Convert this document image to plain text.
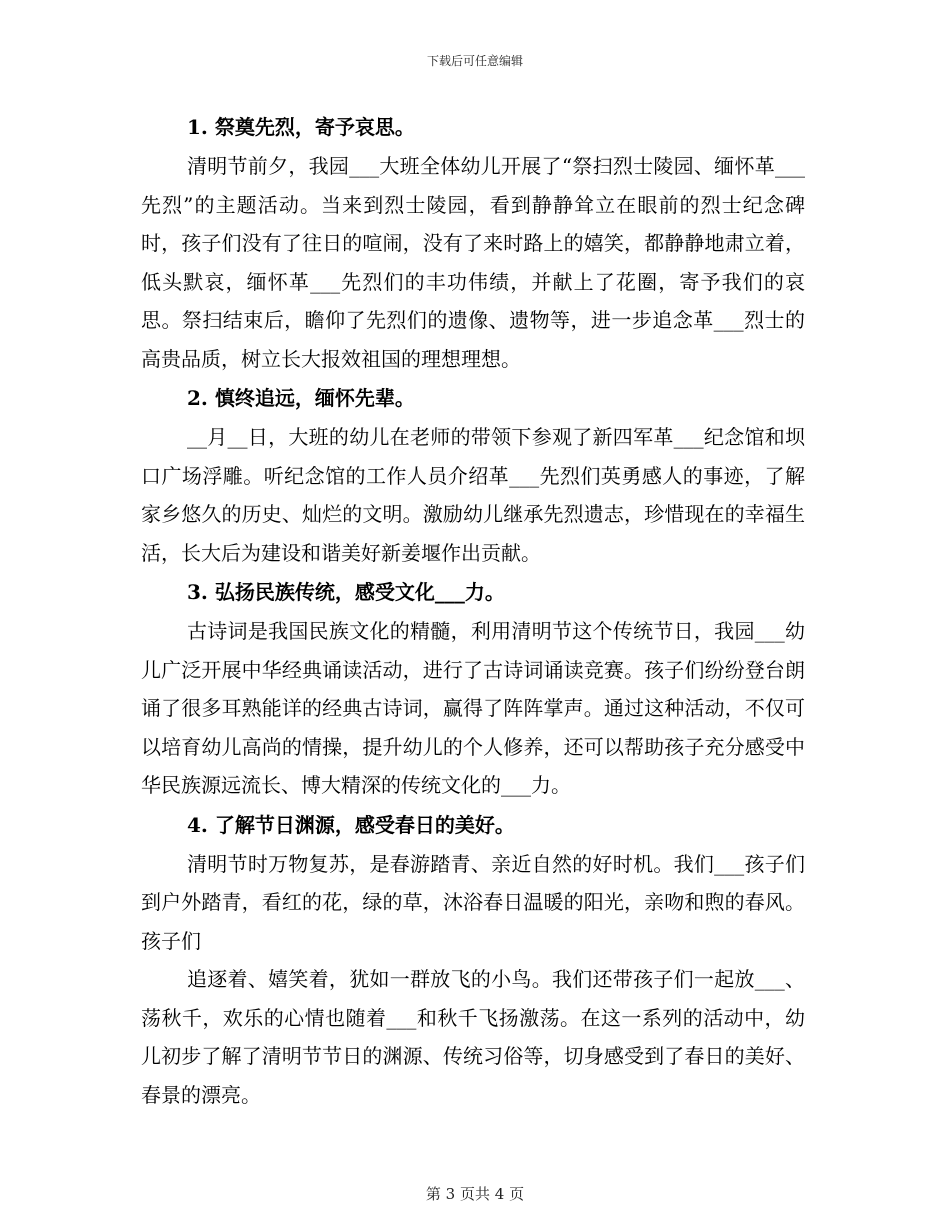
下载后可任意编辑
1. 祭奠先烈，寄予哀思。

清明节前夕，我园___大班全体幼儿开展了“祭扫烈士陵园、缅怀革___先烈”的主题活动。当来到烈士陵园，看到静静耸立在眼前的烈士纪念碑时，孩子们没有了往日的喧闹，没有了来时路上的嬉笑，都静静地肃立着，低头默哀，缅怀革___先烈们的丰功伟绩，并献上了花圈，寄予我们的哀思。祭扫结束后，瞻仰了先烈们的遗像、遗物等，进一步追念革___烈士的高贵品质，树立长大报效祖国的理想理想。

2. 慎终追远，缅怀先辈。

__月__日，大班的幼儿在老师的带领下参观了新四军革___纪念馆和坝口广场浮雕。听纪念馆的工作人员介绍革___先烈们英勇感人的事迹，了解家乡悠久的历史、灿烂的文明。激励幼儿继承先烈遗志，珍惜现在的幸福生活，长大后为建设和谐美好新姜堰作出贡献。

3. 弘扬民族传统，感受文化___力。

古诗词是我国民族文化的精髓，利用清明节这个传统节日，我园___幼儿广泛开展中华经典诵读活动，进行了古诗词诵读竞赛。孩子们纷纷登台朗诵了很多耳熟能详的经典古诗词，赢得了阵阵掌声。通过这种活动，不仅可以培育幼儿高尚的情操，提升幼儿的个人修养，还可以帮助孩子充分感受中华民族源远流长、博大精深的传统文化的___力。

4. 了解节日渊源，感受春日的美好。

清明节时万物复苏，是春游踏青、亲近自然的好时机。我们___孩子们到户外踏青，看红的花，绿的草，沐浴春日温暖的阳光，亲吻和煦的春风。孩子们

追逐着、嬉笑着，犹如一群放飞的小鸟。我们还带孩子们一起放___、荡秋千，欢乐的心情也随着___和秋千飞扬激荡。在这一系列的活动中，幼儿初步了解了清明节节日的渊源、传统习俗等，切身感受到了春日的美好、春景的漂亮。

第 3 页共 4 页
